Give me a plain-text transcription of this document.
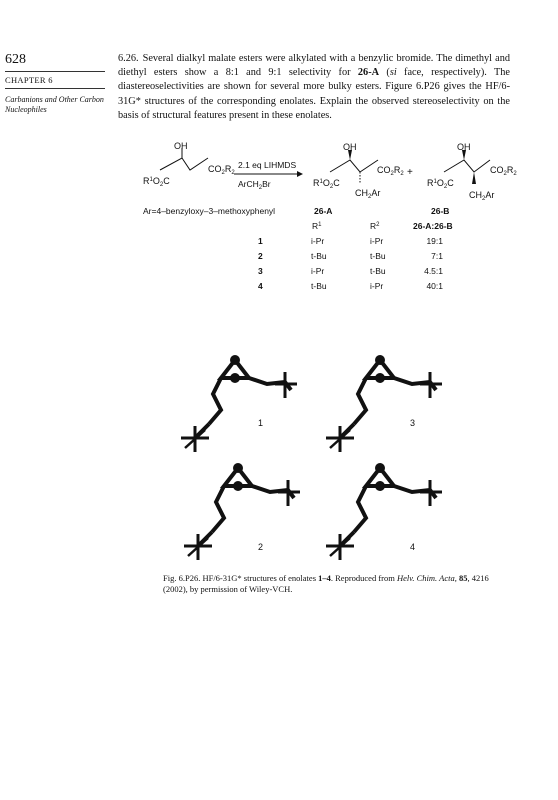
628
CHAPTER 6
Carbanions and Other Carbon Nucleophiles
6.26. Several dialkyl malate esters were alkylated with a benzylic bromide. The dimethyl and diethyl esters show a 8:1 and 9:1 selectivity for 26-A (si face, respectively). The diastereoselectivities are shown for several more bulky esters. Figure 6.P26 gives the HF/6-31G* structures of the corresponding enolates. Explain the observed stereoselectivity on the basis of structural features present in these enolates.
OH
$R^1O_2C$
$CO_2R_2$
2.1 eq LIHMDS
ArCH$_2$Br
OH
$R^1O_2C$
$CO_2R_2$
$CH_2Ar$
+
OH
$R^1O_2C$
$CO_2R_2$
$CH_2Ar$
Ar=4–benzyloxy–3–methoxyphenyl	26-A	26-B
$R^1$	$R^2$	26-A:26-B
1	i-Pr	i-Pr	19:1
2	t-Bu	t-Bu	7:1
3	i-Pr	t-Bu	4.5:1
4	t-Bu	i-Pr	40:1
1	3
2	4
Fig. 6.P26. HF/6-31G* structures of enolates 1–4. Reproduced from Helv. Chim. Acta, 85, 4216 (2002), by permission of Wiley-VCH.
